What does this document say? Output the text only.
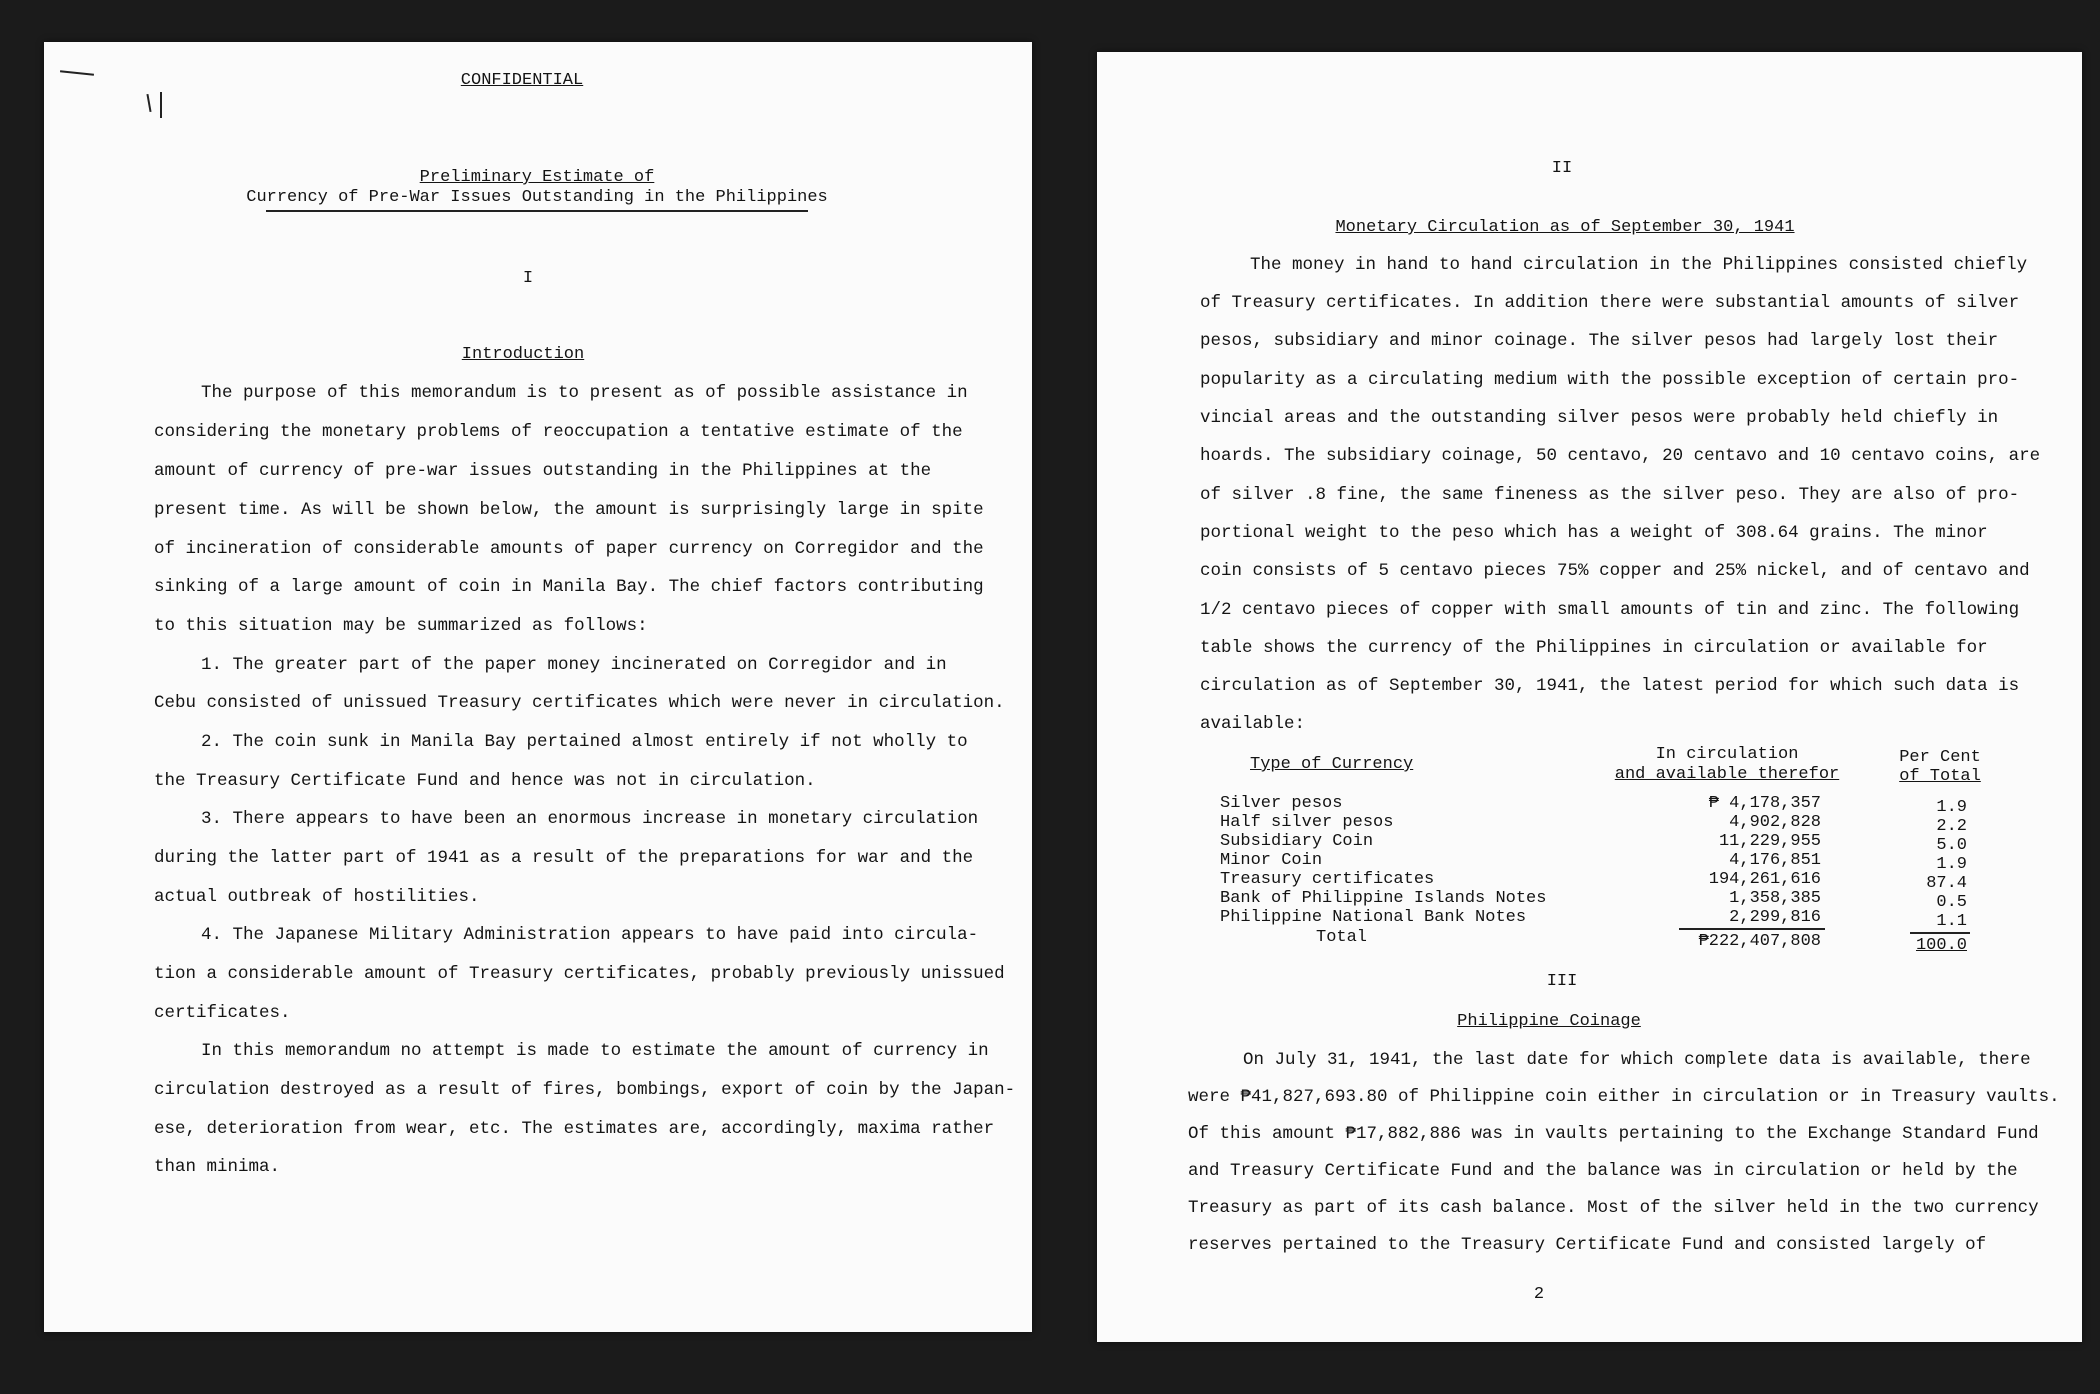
CONFIDENTIAL
Preliminary Estimate of
Currency of Pre-War Issues Outstanding in the Philippines
I
Introduction
The purpose of this memorandum is to present as of possible assistance in
considering the monetary problems of reoccupation a tentative estimate of the
amount of currency of pre-war issues outstanding in the Philippines at the
present time. As will be shown below, the amount is surprisingly large in spite
of incineration of considerable amounts of paper currency on Corregidor and the
sinking of a large amount of coin in Manila Bay. The chief factors contributing
to this situation may be summarized as follows:
1. The greater part of the paper money incinerated on Corregidor and in
Cebu consisted of unissued Treasury certificates which were never in circulation.
2. The coin sunk in Manila Bay pertained almost entirely if not wholly to
the Treasury Certificate Fund and hence was not in circulation.
3. There appears to have been an enormous increase in monetary circulation
during the latter part of 1941 as a result of the preparations for war and the
actual outbreak of hostilities.
4. The Japanese Military Administration appears to have paid into circula-
tion a considerable amount of Treasury certificates, probably previously unissued
certificates.
In this memorandum no attempt is made to estimate the amount of currency in
circulation destroyed as a result of fires, bombings, export of coin by the Japan-
ese, deterioration from wear, etc. The estimates are, accordingly, maxima rather
than minima.
II
Monetary Circulation as of September 30, 1941
The money in hand to hand circulation in the Philippines consisted chiefly
of Treasury certificates. In addition there were substantial amounts of silver
pesos, subsidiary and minor coinage. The silver pesos had largely lost their
popularity as a circulating medium with the possible exception of certain pro-
vincial areas and the outstanding silver pesos were probably held chiefly in
hoards. The subsidiary coinage, 50 centavo, 20 centavo and 10 centavo coins, are
of silver .8 fine, the same fineness as the silver peso. They are also of pro-
portional weight to the peso which has a weight of 308.64 grains. The minor
coin consists of 5 centavo pieces 75% copper and 25% nickel, and of centavo and
1/2 centavo pieces of copper with small amounts of tin and zinc. The following
table shows the currency of the Philippines in circulation or available for
circulation as of September 30, 1941, the latest period for which such data is
available:
Type of Currency
In circulation
and available therefor
Per Cent
of Total
Silver pesos	₱ 4,178,357	1.9
Half silver pesos	4,902,828	2.2
Subsidiary Coin	11,229,955	5.0
Minor Coin	4,176,851	1.9
Treasury certificates	194,261,616	87.4
Bank of Philippine Islands Notes	1,358,385	0.5
Philippine National Bank Notes	2,299,816	1.1
Total	₱222,407,808	100.0
III
Philippine Coinage
On July 31, 1941, the last date for which complete data is available, there
were ₱41,827,693.80 of Philippine coin either in circulation or in Treasury vaults.
Of this amount ₱17,882,886 was in vaults pertaining to the Exchange Standard Fund
and Treasury Certificate Fund and the balance was in circulation or held by the
Treasury as part of its cash balance. Most of the silver held in the two currency
reserves pertained to the Treasury Certificate Fund and consisted largely of
2
